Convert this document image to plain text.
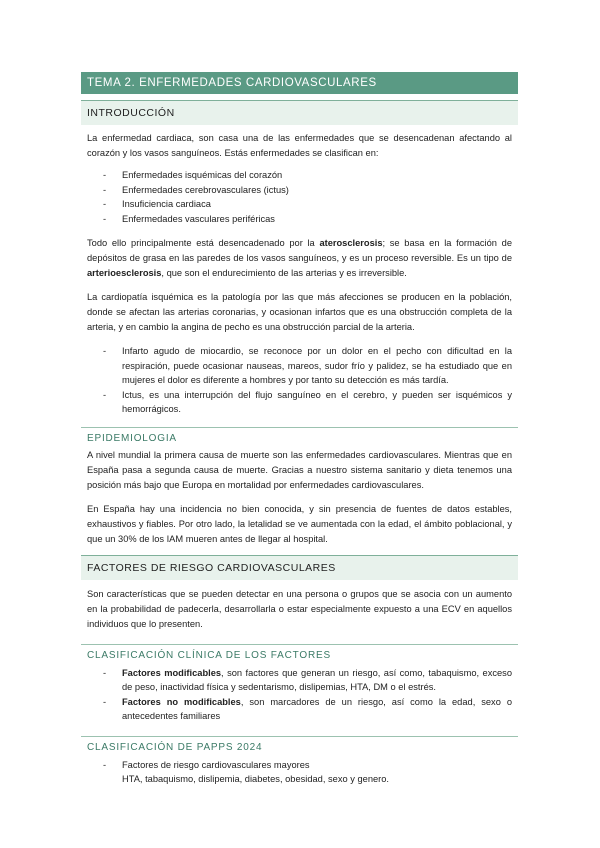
TEMA 2. ENFERMEDADES CARDIOVASCULARES
INTRODUCCIÓN

La enfermedad cardiaca, son casa una de las enfermedades que se desencadenan afectando al corazón y los vasos sanguíneos. Estás enfermedades se clasifican en:

- Enfermedades isquémicas del corazón
- Enfermedades cerebrovasculares (ictus)
- Insuficiencia cardiaca
- Enfermedades vasculares periféricas

Todo ello principalmente está desencadenado por la aterosclerosis; se basa en la formación de depósitos de grasa en las paredes de los vasos sanguíneos, y es un proceso reversible. Es un tipo de arterioesclerosis, que son el endurecimiento de las arterias y es irreversible.

La cardiopatía isquémica es la patología por las que más afecciones se producen en la población, donde se afectan las arterias coronarias, y ocasionan infartos que es una obstrucción completa de la arteria, y en cambio la angina de pecho es una obstrucción parcial de la arteria.

- Infarto agudo de miocardio, se reconoce por un dolor en el pecho con dificultad en la respiración, puede ocasionar nauseas, mareos, sudor frío y palidez, se ha estudiado que en mujeres el dolor es diferente a hombres y por tanto su detección es más tardía.
- Ictus, es una interrupción del flujo sanguíneo en el cerebro, y pueden ser isquémicos y hemorrágicos.
EPIDEMIOLOGIA

A nivel mundial la primera causa de muerte son las enfermedades cardiovasculares. Mientras que en España pasa a segunda causa de muerte. Gracias a nuestro sistema sanitario y dieta tenemos una posición más bajo que Europa en mortalidad por enfermedades cardiovasculares.

En España hay una incidencia no bien conocida, y sin presencia de fuentes de datos estables, exhaustivos y fiables. Por otro lado, la letalidad se ve aumentada con la edad, el ámbito poblacional, y que un 30% de los IAM mueren antes de llegar al hospital.

FACTORES DE RIESGO CARDIOVASCULARES

Son características que se pueden detectar en una persona o grupos que se asocia con un aumento en la probabilidad de padecerla, desarrollarla o estar especialmente expuesto a una ECV en aquellos individuos que lo presenten.

CLASIFICACIÓN CLÍNICA DE LOS FACTORES
- Factores modificables, son factores que generan un riesgo, así como, tabaquismo, exceso de peso, inactividad física y sedentarismo, dislipemias, HTA, DM o el estrés.
- Factores no modificables, son marcadores de un riesgo, así como la edad, sexo o antecedentes familiares
CLASIFICACIÓN DE PAPPS 2024
- Factores de riesgo cardiovasculares mayores
HTA, tabaquismo, dislipemia, diabetes, obesidad, sexo y genero.
